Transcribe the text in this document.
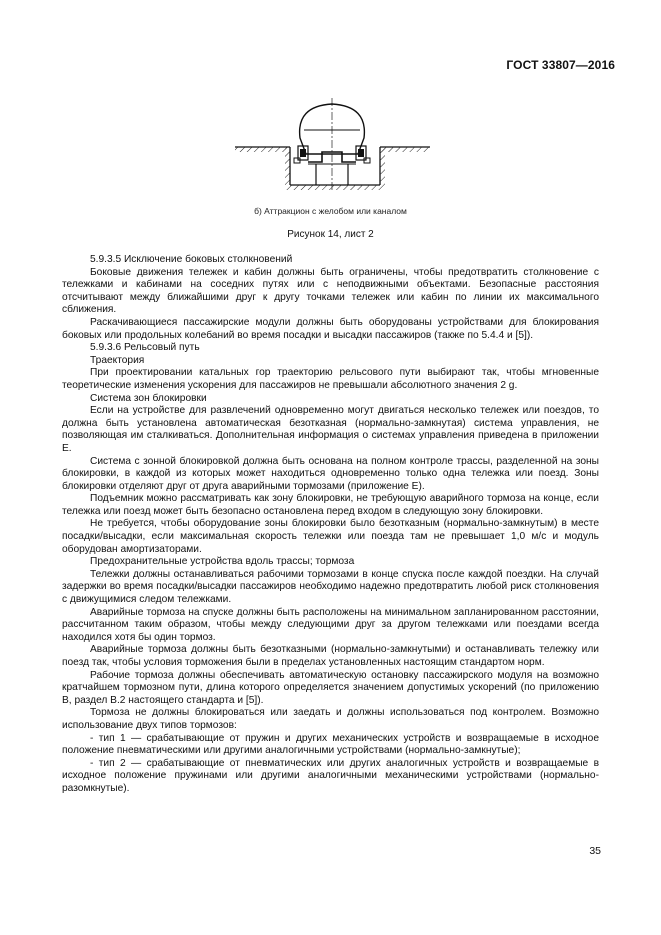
ГОСТ 33807—2016
б) Аттракцион с желобом или каналом
Рисунок 14, лист 2

5.9.3.5 Исключение боковых столкновений

Боковые движения тележек и кабин должны быть ограничены, чтобы предотвратить столкновение с тележками и кабинами на соседних путях или с неподвижными объектами. Безопасные расстояния отсчитывают между ближайшими друг к другу точками тележек или кабин по линии их максимального сближения.

Раскачивающиеся пассажирские модули должны быть оборудованы устройствами для блокирования боковых или продольных колебаний во время посадки и высадки пассажиров (также по 5.4.4 и [5]).

5.9.3.6 Рельсовый путь

Траектория

При проектировании катальных гор траекторию рельсового пути выбирают так, чтобы мгновенные теоретические изменения ускорения для пассажиров не превышали абсолютного значения 2 g.

Система зон блокировки

Если на устройстве для развлечений одновременно могут двигаться несколько тележек или поездов, то должна быть установлена автоматическая безотказная (нормально-замкнутая) система управления, не позволяющая им сталкиваться. Дополнительная информация о системах управления приведена в приложении Е.

Система с зонной блокировкой должна быть основана на полном контроле трассы, разделенной на зоны блокировки, в каждой из которых может находиться одновременно только одна тележка или поезд. Зоны блокировки отделяют друг от друга аварийными тормозами (приложение Е).

Подъемник можно рассматривать как зону блокировки, не требующую аварийного тормоза на конце, если тележка или поезд может быть безопасно остановлена перед входом в следующую зону блокировки.

Не требуется, чтобы оборудование зоны блокировки было безотказным (нормально-замкнутым) в месте посадки/высадки, если максимальная скорость тележки или поезда там не превышает 1,0 м/с и модуль оборудован амортизаторами.

Предохранительные устройства вдоль трассы; тормоза

Тележки должны останавливаться рабочими тормозами в конце спуска после каждой поездки. На случай задержки во время посадки/высадки пассажиров необходимо надежно предотвратить любой риск столкновения с движущимися следом тележками.

Аварийные тормоза на спуске должны быть расположены на минимальном запланированном расстоянии, рассчитанном таким образом, чтобы между следующими друг за другом тележками или поездами всегда находился хотя бы один тормоз.

Аварийные тормоза должны быть безотказными (нормально-замкнутыми) и останавливать тележку или поезд так, чтобы условия торможения были в пределах установленных настоящим стандартом норм.

Рабочие тормоза должны обеспечивать автоматическую остановку пассажирского модуля на возможно кратчайшем тормозном пути, длина которого определяется значением допустимых ускорений (по приложению В, раздел В.2 настоящего стандарта и [5]).

Тормоза не должны блокироваться или заедать и должны использоваться под контролем. Возможно использование двух типов тормозов:

- тип 1 — срабатывающие от пружин и других механических устройств и возвращаемые в исходное положение пневматическими или другими аналогичными устройствами (нормально-замкнутые);

- тип 2 — срабатывающие от пневматических или других аналогичных устройств и возвращаемые в исходное положение пружинами или другими аналогичными механическими устройствами (нормально-разомкнутые).

35
